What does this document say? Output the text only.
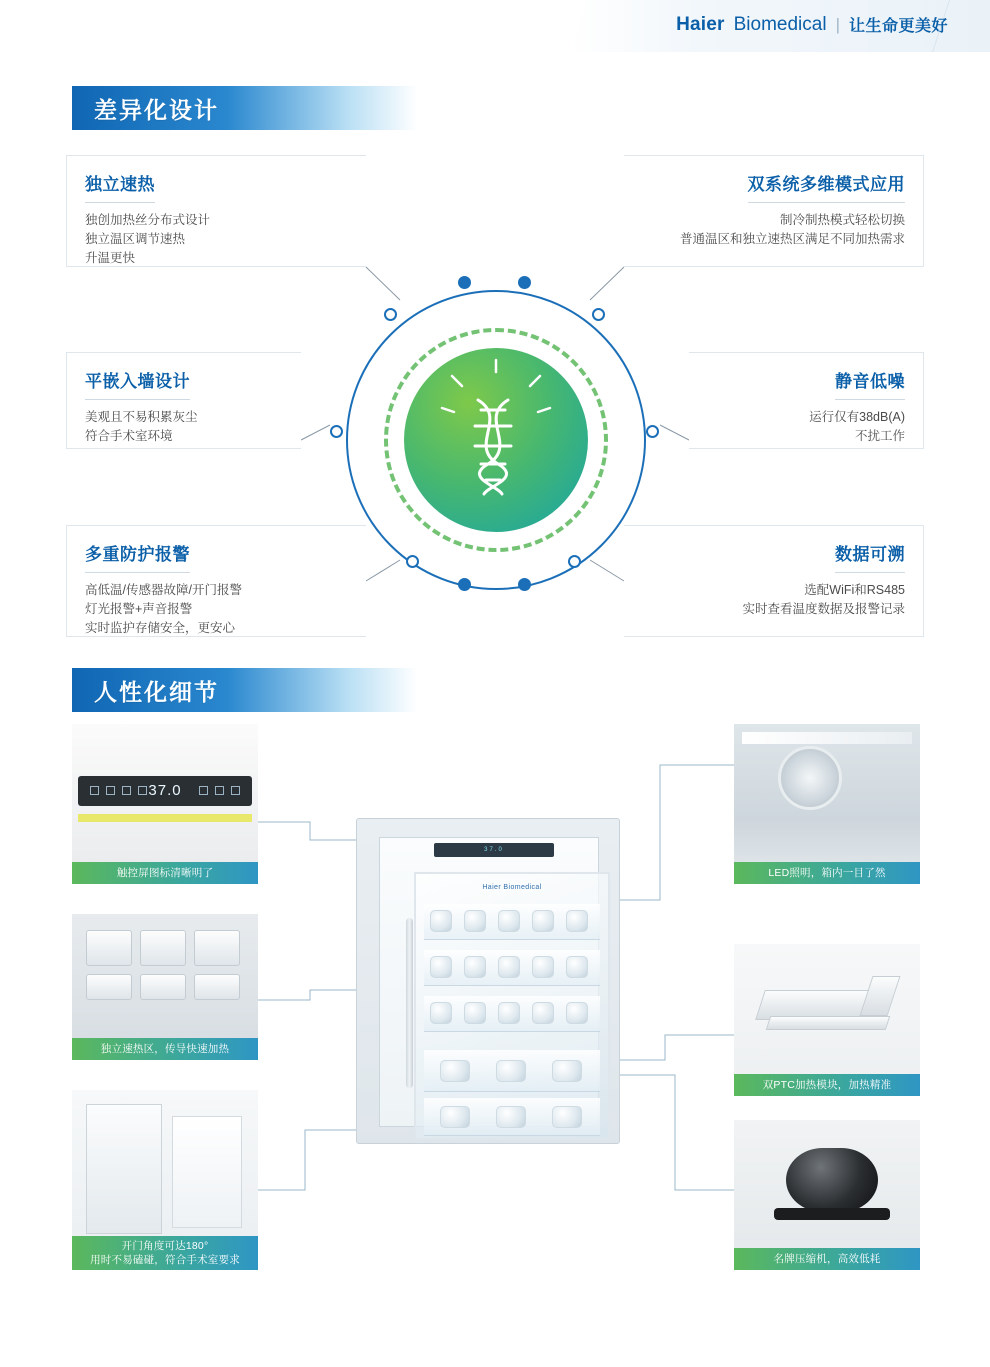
Haier Biomedical | 让生命更美好
差异化设计
独立速热
独创加热丝分布式设计
独立温区调节速热
升温更快
双系统多维模式应用
制冷制热模式轻松切换
普通温区和独立速热区满足不同加热需求
平嵌入墙设计
美观且不易积累灰尘
符合手术室环境
静音低噪
运行仅有38dB(A)
不扰工作
多重防护报警
高低温/传感器故障/开门报警
灯光报警+声音报警
实时监护存储安全，更安心
数据可溯
选配WiFi和RS485
实时查看温度数据及报警记录
人性化细节
37.0
触控屏图标清晰明了
独立速热区，传导快速加热
开门角度可达180°
用时不易磕碰，符合手术室要求
LED照明，箱内一目了然
双PTC加热模块，加热精准
名牌压缩机，高效低耗
37.0
Haier Biomedical
